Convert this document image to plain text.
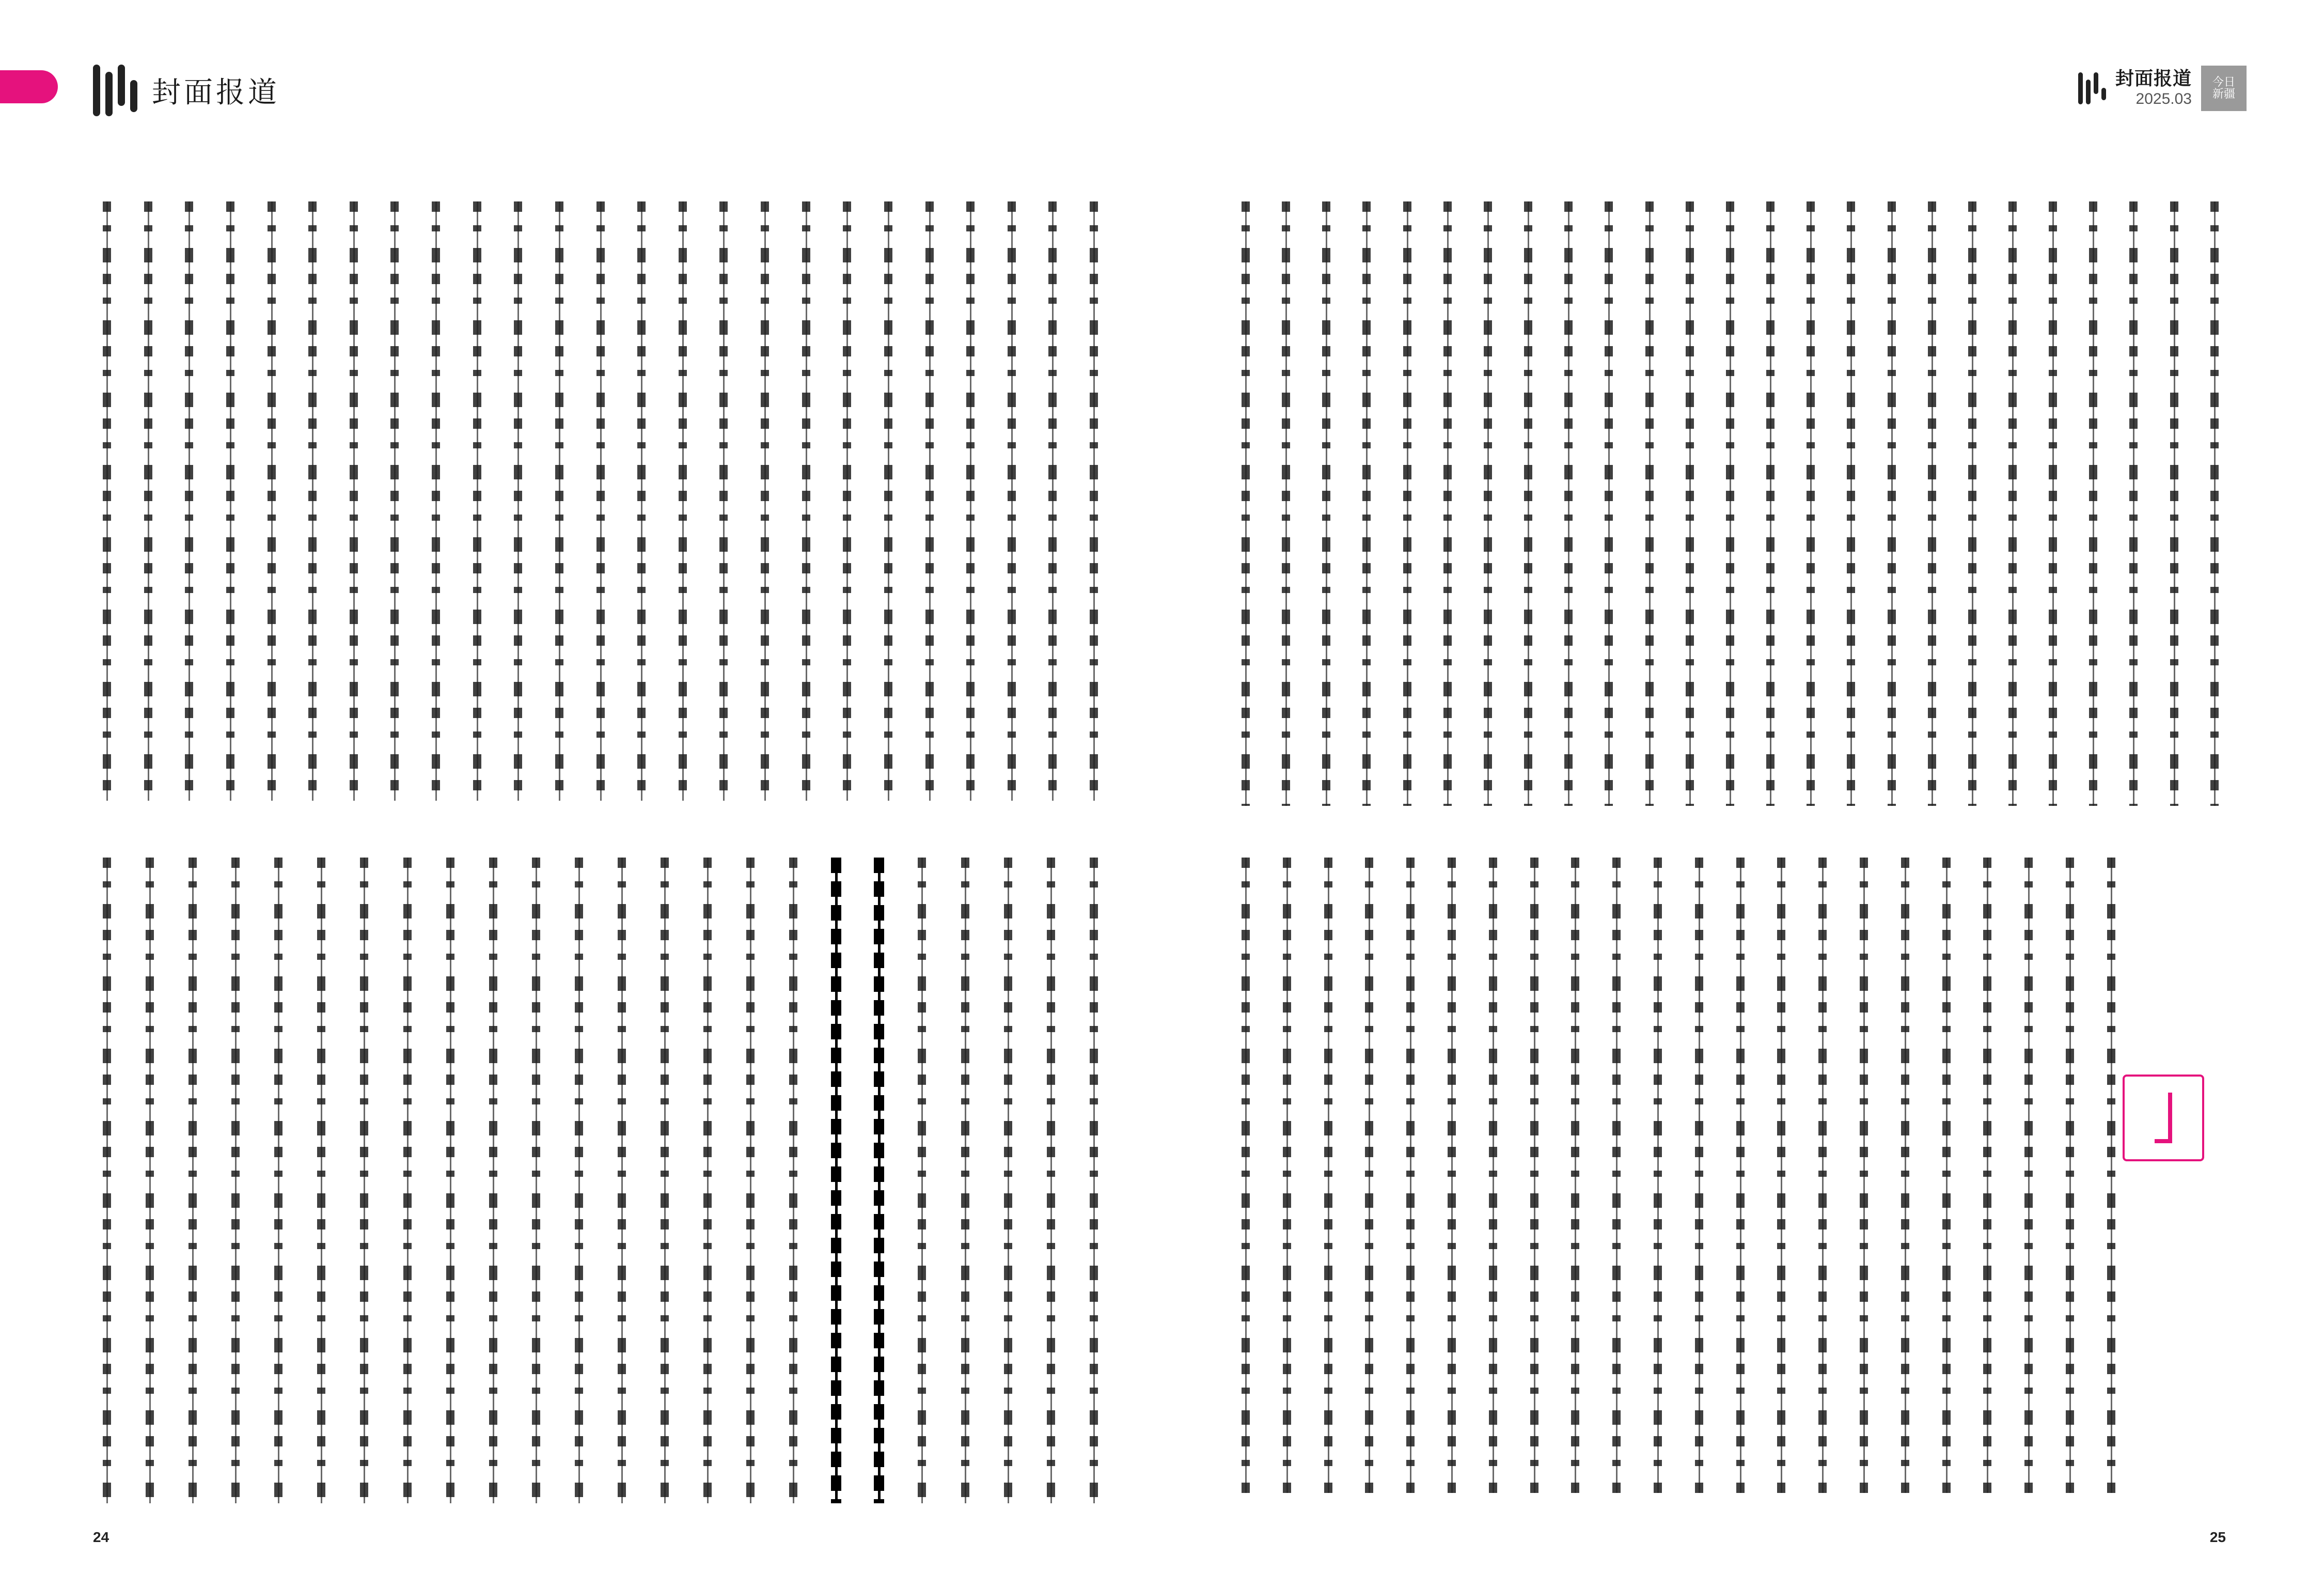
封面报道	封面报道
2025.03
今日
新疆
24	25
